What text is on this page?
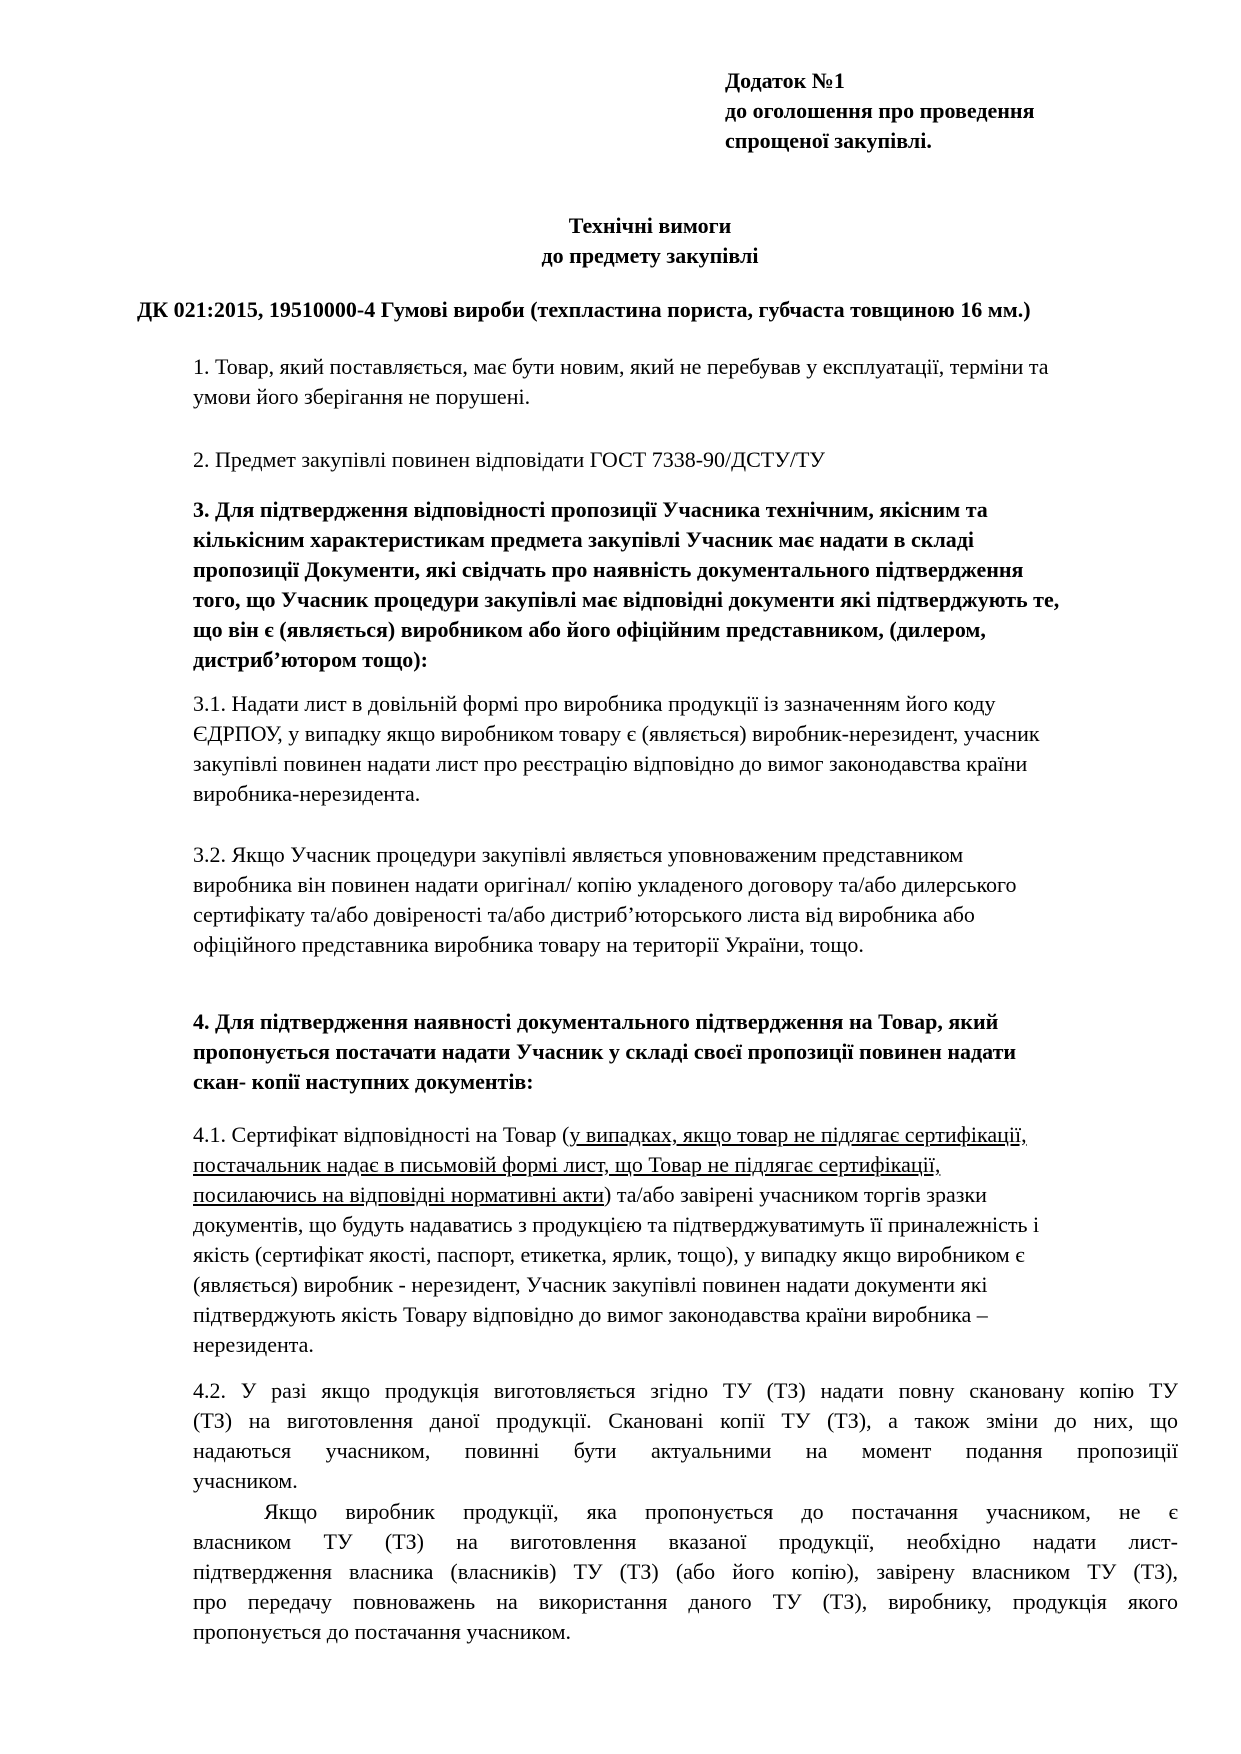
Додаток №1
до оголошення про проведення
спрощеної закупівлі.
Технічні вимоги
до предмету закупівлі
ДК 021:2015, 19510000-4 Гумові вироби (техпластина пориста, губчаста товщиною 16 мм.)
1. Товар, який поставляється, має бути новим, який не перебував у експлуатації, терміни та
умови його зберігання не порушені.
2. Предмет закупівлі повинен відповідати ГОСТ 7338-90/ДСТУ/ТУ
3. Для підтвердження відповідності пропозиції Учасника технічним, якісним та
кількісним характеристикам предмета закупівлі Учасник має надати в складі
пропозиції Документи, які свідчать про наявність документального підтвердження
того, що Учасник процедури закупівлі має відповідні документи які підтверджують те,
що він є (являється) виробником або його офіційним представником, (дилером,
дистриб’ютором тощо):
3.1. Надати лист в довільній формі про виробника продукції із зазначенням його коду
ЄДРПОУ, у випадку якщо виробником товару є (являється) виробник-нерезидент, учасник
закупівлі повинен надати лист про реєстрацію відповідно до вимог законодавства країни
виробника-нерезидента.
3.2. Якщо Учасник процедури закупівлі являється уповноваженим представником
виробника він повинен надати оригінал/ копію укладеного договору та/або дилерського
сертифікату та/або довіреності та/або дистриб’юторського листа від виробника або
офіційного представника виробника товару на території України, тощо.
4. Для підтвердження наявності документального підтвердження на Товар, який
пропонується постачати надати Учасник у складі своєї пропозиції повинен надати
скан- копії наступних документів:
4.1. Сертифікат відповідності на Товар (у випадках, якщо товар не підлягає сертифікації,
постачальник надає в письмовій формі лист, що Товар не підлягає сертифікації,
посилаючись на відповідні нормативні акти) та/або завірені учасником торгів зразки
документів, що будуть надаватись з продукцією та підтверджуватимуть її приналежність і
якість (сертифікат якості, паспорт, етикетка, ярлик, тощо), у випадку якщо виробником є
(являється) виробник - нерезидент, Учасник закупівлі повинен надати документи які
підтверджують якість Товару відповідно до вимог законодавства країни виробника –
нерезидента.
4.2. У разі якщо продукція виготовляється згідно ТУ (ТЗ) надати повну скановану копію ТУ
(ТЗ) на виготовлення даної продукції. Скановані копії ТУ (ТЗ), а також зміни до них, що
надаються учасником, повинні бути актуальними на момент подання пропозиції
учасником.
Якщо виробник продукції, яка пропонується до постачання учасником, не є
власником ТУ (ТЗ) на виготовлення вказаної продукції, необхідно надати лист-
підтвердження власника (власників) ТУ (ТЗ) (або його копію), завірену власником ТУ (ТЗ),
про передачу повноважень на використання даного ТУ (ТЗ), виробнику, продукція якого
пропонується до постачання учасником.
